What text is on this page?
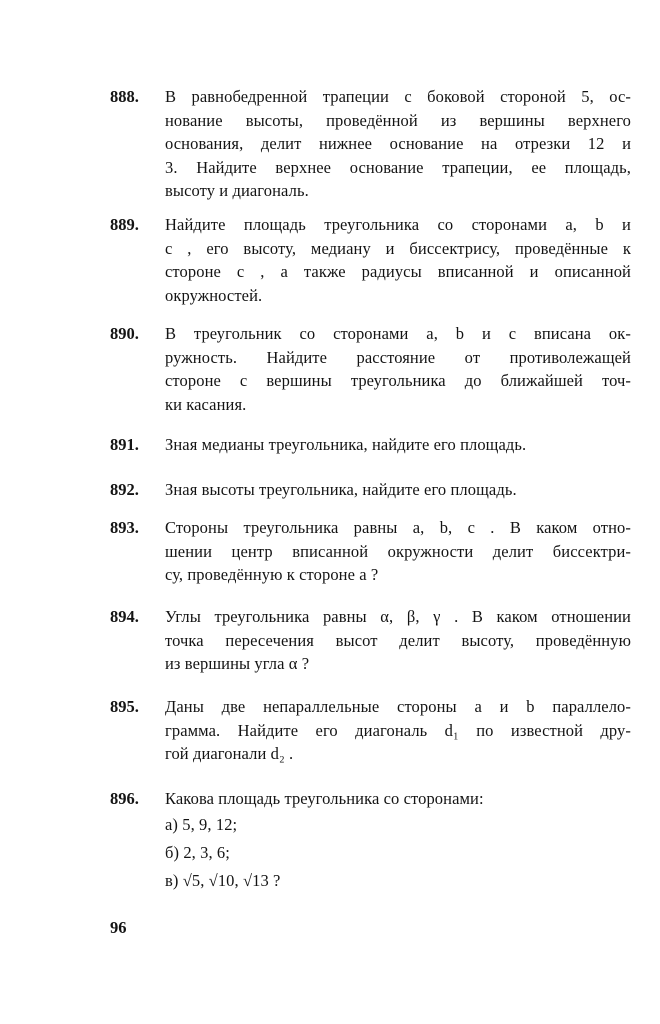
888. В равнобедренной трапеции с боковой стороной 5, ос-
нование высоты, проведённой из вершины верхнего
основания, делит нижнее основание на отрезки 12 и
3. Найдите верхнее основание трапеции, ее площадь,
высоту и диагональ.
889. Найдите площадь треугольника со сторонами a, b и
c , его высоту, медиану и биссектрису, проведённые к
стороне c , а также радиусы вписанной и описанной
окружностей.
890. В треугольник со сторонами a, b и c вписана ок-
ружность. Найдите расстояние от противолежащей
стороне c вершины треугольника до ближайшей точ-
ки касания.
891. Зная медианы треугольника, найдите его площадь.
892. Зная высоты треугольника, найдите его площадь.
893. Стороны треугольника равны a, b, c . В каком отно-
шении центр вписанной окружности делит биссектри-
су, проведённую к стороне a ?
894. Углы треугольника равны α, β, γ . В каком отношении
точка пересечения высот делит высоту, проведённую
из вершины угла α ?
895. Даны две непараллельные стороны a и b параллело-
грамма. Найдите его диагональ d₁ по известной дру-
гой диагонали d₂ .
896. Какова площадь треугольника со сторонами:
а) 5, 9, 12;
б) 2, 3, 6;
в) √5, √10, √13 ?
96
